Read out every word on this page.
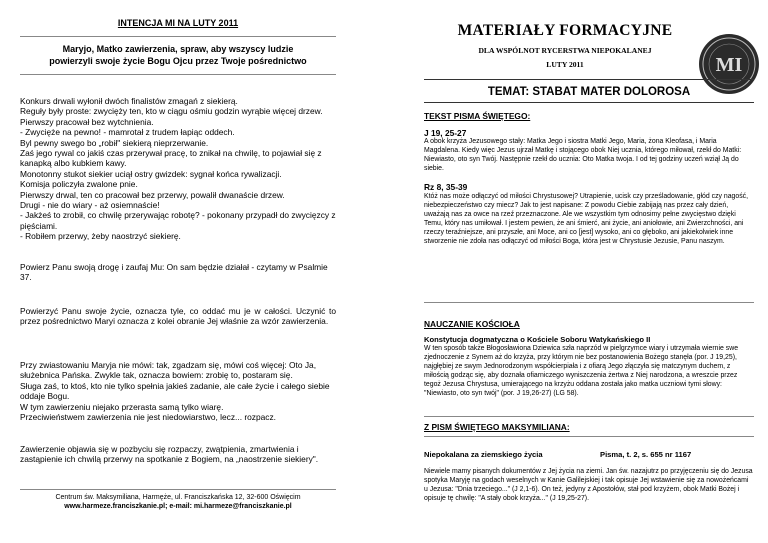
INTENCJA MI NA LUTY 2011
Maryjo, Matko zawierzenia, spraw, aby wszyscy ludzie
powierzyli swoje życie Bogu Ojcu przez Twoje pośrednictwo
Konkurs drwali wyłonił dwóch finalistów zmagań z siekierą.
Reguły były proste: zwycięży ten, kto w ciągu ośmiu godzin wyrąbie więcej drzew.
Pierwszy pracował bez wytchnienia.
- Zwycięże na pewno! - mamrotał z trudem łapiąc oddech.
Byl pewny swego bo „robił" siekierą nieprzerwanie.
Zaś jego rywal co jakiś czas przerywał pracę, to znikał na chwilę, to pojawiał się z kanapką albo kubkiem kawy.
Monotonny stukot siekier uciął ostry gwizdek: sygnał końca rywalizacji.
Komisja policzyła zwalone pnie.
Pierwszy drwal, ten co pracował bez przerwy, powalił dwanaście drzew.
Drugi - nie do wiary - aż osiemnaście!
- Jakżeś to zrobił, co chwilę przerywając robotę? - pokonany przypadł do zwycięzcy z pięściami.
- Robiłem przerwy, żeby naostrzyć siekierę.
Powierz Panu swoją drogę i zaufaj Mu: On sam będzie działał - czytamy w Psalmie 37.
Powierzyć Panu swoje życie, oznacza tyle, co oddać mu je w całości. Uczynić to przez pośrednictwo Maryi oznacza z kolei obranie Jej właśnie za wzór zawierzenia.
Przy zwiastowaniu Maryja nie mówi: tak, zgadzam się, mówi coś więcej: Oto Ja, służebnica Pańska. Zwykle tak, oznacza bowiem: zrobię to, postaram się.
Sługa zaś, to ktoś, kto nie tylko spełnia jakieś zadanie, ale całe życie i całego siebie oddaje Bogu.
W tym zawierzeniu niejako przerasta samą tylko wiarę.
Przeciwieństwem zawierzenia nie jest niedowiarstwo, lecz... rozpacz.
Zawierzenie objawia się w pozbyciu się rozpaczy, zwątpienia, zmartwienia i zastąpienie ich chwilą przerwy na spotkanie z Bogiem, na „naostrzenie siekiery".
Centrum św. Maksymiliana, Harmęże, ul. Franciszkańska 12, 32-600 Oświęcim
www.harmeze.franciszkanie.pl; e-mail: mi.harmeze@franciszkanie.pl
MATERIAŁY FORMACYJNE
DLA WSPÓLNOT RYCERSTWA NIEPOKALANEJ
LUTY 2011	MI
TEMAT: STABAT MATER DOLOROSA
TEKST PISMA ŚWIĘTEGO:
J 19, 25-27
A obok krzyża Jezusowego stały: Matka Jego i siostra Matki Jego, Maria, żona Kleofasa, i Maria Magdalena. Kiedy więc Jezus ujrzał Matkę i stojącego obok Niej ucznia, którego miłował, rzekł do Matki: Niewiasto, oto syn Twój. Następnie rzekł do ucznia: Oto Matka twoja. I od tej godziny uczeń wziął Ją do siebie.
Rz 8, 35-39
Któż nas może odłączyć od miłości Chrystusowej? Utrapienie, ucisk czy prześladowanie, głód czy nagość, niebezpieczeństwo czy miecz? Jak to jest napisane: Z powodu Ciebie zabijają nas przez cały dzień, uważają nas za owce na rzeź przeznaczone. Ale we wszystkim tym odnosimy pełne zwycięstwo dzięki Temu, który nas umiłował. I jestem pewien, że ani śmierć, ani życie, ani aniołowie, ani Zwierzchności, ani rzeczy teraźniejsze, ani przyszłe, ani Moce, ani co [jest] wysoko, ani co głęboko, ani jakiekolwiek inne stworzenie nie zdoła nas odłączyć od miłości Boga, która jest w Chrystusie Jezusie, Panu naszym.
NAUCZANIE KOŚCIOŁA
Konstytucja dogmatyczna o Kościele Soboru Watykańskiego II
W ten sposób także Błogosławiona Dziewica szła naprzód w pielgrzymce wiary i utrzymała wiernie swe zjednoczenie z Synem aż do krzyża, przy którym nie bez postanowienia Bożego stanęła (por. J 19,25), najgłębiej ze swym Jednorodzonym współcierpiała i z ofiarą Jego złączyła się matczynym duchem, z miłością godząc się, aby doznała ofiarniczego wyniszczenia żertwa z Niej narodzona, a wreszcie przez tegoż Jezusa Chrystusa, umierającego na krzyżu oddana została jako matka uczniowi tymi słowy: "Niewiasto, oto syn twój" (por. J 19,26-27) (LG 58).
Z PISM ŚWIĘTEGO MAKSYMILIANA:
Niepokalana za ziemskiego życia	Pisma, t. 2, s. 655 nr 1167
Niewiele mamy pisanych dokumentów z Jej życia na ziemi. Jan św. nazajutrz po przyjęczeniu się do Jezusa spotyka Maryję na godach weselnych w Kanie Galilejskiej i tak opisuje Jej wstawienie się za nowożeńcami u Jezusa: "Dnia trzeciego..." (J 2,1-6). On też, jedyny z Apostołów, stał pod krzyżem, obok Matki Bożej i opisuje tę chwilę: "A stały obok krzyża..." (J 19,25-27).
